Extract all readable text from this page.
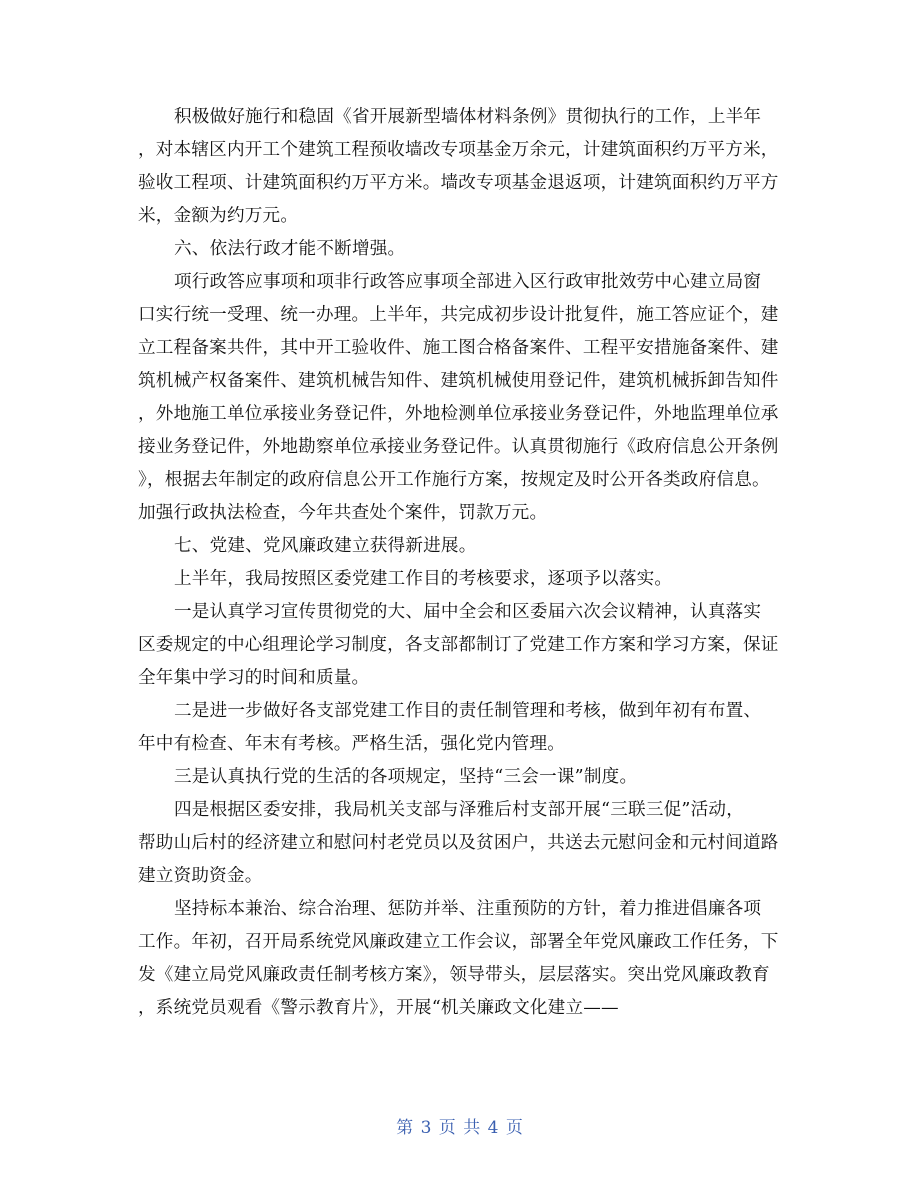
积极做好施行和稳固《省开展新型墙体材料条例》贯彻执行的工作，上半年
，对本辖区内开工个建筑工程预收墙改专项基金万余元，计建筑面积约万平方米，
验收工程项、计建筑面积约万平方米。墙改专项基金退返项，计建筑面积约万平方
米，金额为约万元。
六、依法行政才能不断增强。
项行政答应事项和项非行政答应事项全部进入区行政审批效劳中心建立局窗
口实行统一受理、统一办理。上半年，共完成初步设计批复件，施工答应证个，建
立工程备案共件，其中开工验收件、施工图合格备案件、工程平安措施备案件、建
筑机械产权备案件、建筑机械告知件、建筑机械使用登记件，建筑机械拆卸告知件
，外地施工单位承接业务登记件，外地检测单位承接业务登记件，外地监理单位承
接业务登记件，外地勘察单位承接业务登记件。认真贯彻施行《政府信息公开条例
》，根据去年制定的政府信息公开工作施行方案，按规定及时公开各类政府信息。
加强行政执法检查，今年共查处个案件，罚款万元。
七、党建、党风廉政建立获得新进展。
上半年，我局按照区委党建工作目的考核要求，逐项予以落实。
一是认真学习宣传贯彻党的大、届中全会和区委届六次会议精神，认真落实
区委规定的中心组理论学习制度，各支部都制订了党建工作方案和学习方案，保证
全年集中学习的时间和质量。
二是进一步做好各支部党建工作目的责任制管理和考核，做到年初有布置、
年中有检查、年末有考核。严格生活，强化党内管理。
三是认真执行党的生活的各项规定，坚持“三会一课”制度。
四是根据区委安排，我局机关支部与泽雅后村支部开展“三联三促”活动，
帮助山后村的经济建立和慰问村老党员以及贫困户，共送去元慰问金和元村间道路
建立资助资金。
坚持标本兼治、综合治理、惩防并举、注重预防的方针，着力推进倡廉各项
工作。年初，召开局系统党风廉政建立工作会议，部署全年党风廉政工作任务，下
发《建立局党风廉政责任制考核方案》，领导带头，层层落实。突出党风廉政教育
，系统党员观看《警示教育片》，开展“机关廉政文化建立——
第 3 页 共 4 页
